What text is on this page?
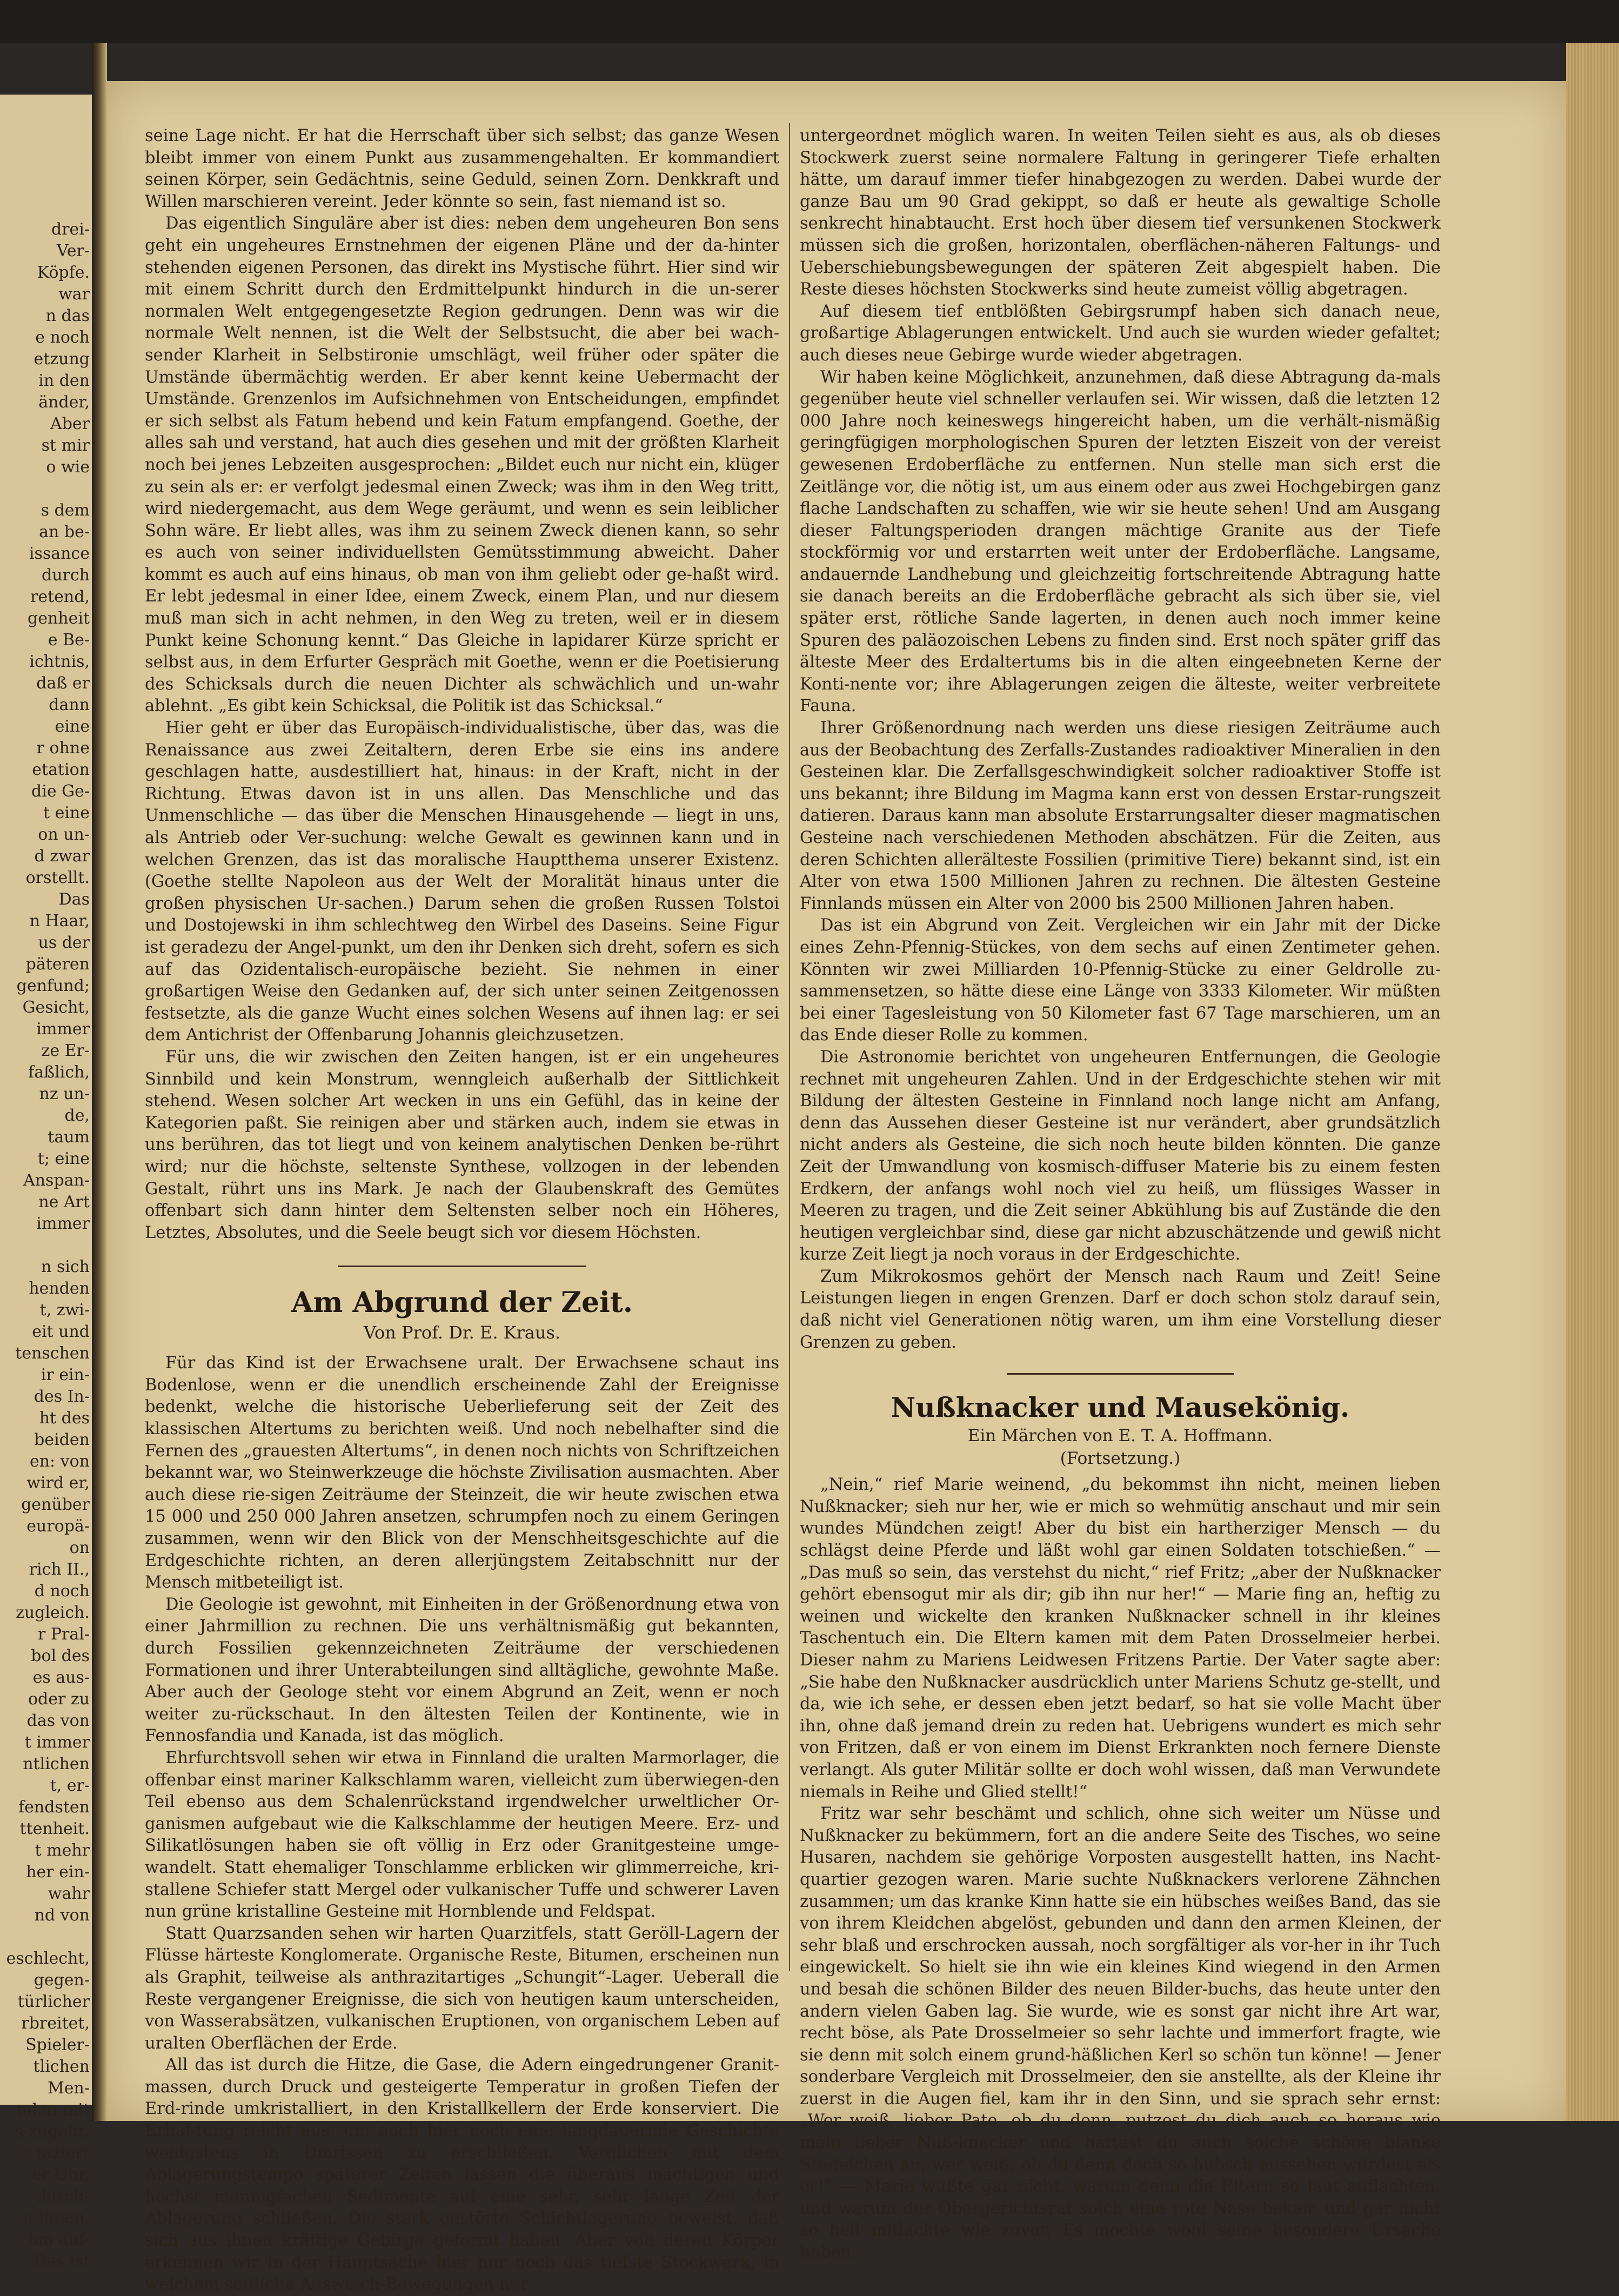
drei-
Ver-
Köpfe.
war
n das
e noch
etzung
in den
änder,
Aber
st mir
o wie
s dem
an be-
issance
durch
retend,
genheit
e Be-
ichtnis,
daß er
dann
eine
r ohne
etation
die Ge-
t eine
on un-
d zwar
orstellt.
Das
n Haar,
us der
päteren
genfund;
Gesicht,
immer
ze Er-
faßlich,
nz un-
de,
taum
t; eine
Anspan-
ne Art
immer
n sich
henden
t, zwi-
eit und
tenschen
ir ein-
des In-
ht des
beiden
en: von
wird er,
genüber
europä-
on
rich II.,
d noch
zugleich.
r Pral-
bol des
es aus-
oder zu
das von
t immer
ntlichen
t, er-
fendsten
ttenheit.
t mehr
her ein-
wahr
nd von
eschlecht,
gegen-
türlicher
rbreitet,
Spieler-
tlichen
Men-
uden mit
s zugeht,
r taziert
er Uhr,
durch-
n ihnen.
hm auf-
Das ist

seine Lage nicht. Er hat die Herrschaft über sich selbst; das ganze Wesen bleibt immer von einem Punkt aus zusammengehalten. Er kommandiert seinen Körper, sein Gedächtnis, seine Geduld, seinen Zorn. Denkkraft und Willen marschieren vereint. Jeder könnte so sein, fast niemand ist so.

Das eigentlich Singuläre aber ist dies: neben dem ungeheuren Bon sens geht ein ungeheures Ernstnehmen der eigenen Pläne und der da-hinter stehenden eigenen Personen, das direkt ins Mystische führt. Hier sind wir mit einem Schritt durch den Erdmittelpunkt hindurch in die un-serer normalen Welt entgegengesetzte Region gedrungen. Denn was wir die normale Welt nennen, ist die Welt der Selbstsucht, die aber bei wach-sender Klarheit in Selbstironie umschlägt, weil früher oder später die Umstände übermächtig werden. Er aber kennt keine Uebermacht der Umstände. Grenzenlos im Aufsichnehmen von Entscheidungen, empfindet er sich selbst als Fatum hebend und kein Fatum empfangend. Goethe, der alles sah und verstand, hat auch dies gesehen und mit der größten Klarheit noch bei jenes Lebzeiten ausgesprochen: „Bildet euch nur nicht ein, klüger zu sein als er: er verfolgt jedesmal einen Zweck; was ihm in den Weg tritt, wird niedergemacht, aus dem Wege geräumt, und wenn es sein leiblicher Sohn wäre. Er liebt alles, was ihm zu seinem Zweck dienen kann, so sehr es auch von seiner individuellsten Gemütsstimmung abweicht. Daher kommt es auch auf eins hinaus, ob man von ihm geliebt oder ge-haßt wird. Er lebt jedesmal in einer Idee, einem Zweck, einem Plan, und nur diesem muß man sich in acht nehmen, in den Weg zu treten, weil er in diesem Punkt keine Schonung kennt.“ Das Gleiche in lapidarer Kürze spricht er selbst aus, in dem Erfurter Gespräch mit Goethe, wenn er die Poetisierung des Schicksals durch die neuen Dichter als schwächlich und un-wahr ablehnt. „Es gibt kein Schicksal, die Politik ist das Schicksal.“

Hier geht er über das Europäisch-individualistische, über das, was die Renaissance aus zwei Zeitaltern, deren Erbe sie eins ins andere geschlagen hatte, ausdestilliert hat, hinaus: in der Kraft, nicht in der Richtung. Etwas davon ist in uns allen. Das Menschliche und das Unmenschliche — das über die Menschen Hinausgehende — liegt in uns, als Antrieb oder Ver-suchung: welche Gewalt es gewinnen kann und in welchen Grenzen, das ist das moralische Hauptthema unserer Existenz. (Goethe stellte Napoleon aus der Welt der Moralität hinaus unter die großen physischen Ur-sachen.) Darum sehen die großen Russen Tolstoi und Dostojewski in ihm schlechtweg den Wirbel des Daseins. Seine Figur ist geradezu der Angel-punkt, um den ihr Denken sich dreht, sofern es sich auf das Ozidentalisch-europäische bezieht. Sie nehmen in einer großartigen Weise den Gedanken auf, der sich unter seinen Zeitgenossen festsetzte, als die ganze Wucht eines solchen Wesens auf ihnen lag: er sei dem Antichrist der Offenbarung Johannis gleichzusetzen.

Für uns, die wir zwischen den Zeiten hangen, ist er ein ungeheures Sinnbild und kein Monstrum, wenngleich außerhalb der Sittlichkeit stehend. Wesen solcher Art wecken in uns ein Gefühl, das in keine der Kategorien paßt. Sie reinigen aber und stärken auch, indem sie etwas in uns berühren, das tot liegt und von keinem analytischen Denken be-rührt wird; nur die höchste, seltenste Synthese, vollzogen in der lebenden Gestalt, rührt uns ins Mark. Je nach der Glaubenskraft des Gemütes offenbart sich dann hinter dem Seltensten selber noch ein Höheres, Letztes, Absolutes, und die Seele beugt sich vor diesem Höchsten.

Am Abgrund der Zeit.
Von Prof. Dr. E. Kraus.

Für das Kind ist der Erwachsene uralt. Der Erwachsene schaut ins Bodenlose, wenn er die unendlich erscheinende Zahl der Ereignisse bedenkt, welche die historische Ueberlieferung seit der Zeit des klassischen Altertums zu berichten weiß. Und noch nebelhafter sind die Fernen des „grauesten Altertums“, in denen noch nichts von Schriftzeichen bekannt war, wo Steinwerkzeuge die höchste Zivilisation ausmachten. Aber auch diese rie-sigen Zeiträume der Steinzeit, die wir heute zwischen etwa 15 000 und 250 000 Jahren ansetzen, schrumpfen noch zu einem Geringen zusammen, wenn wir den Blick von der Menschheitsgeschichte auf die Erdgeschichte richten, an deren allerjüngstem Zeitabschnitt nur der Mensch mitbeteiligt ist.

Die Geologie ist gewohnt, mit Einheiten in der Größenordnung etwa von einer Jahrmillion zu rechnen. Die uns verhältnismäßig gut bekannten, durch Fossilien gekennzeichneten Zeiträume der verschiedenen Formationen und ihrer Unterabteilungen sind alltägliche, gewohnte Maße. Aber auch der Geologe steht vor einem Abgrund an Zeit, wenn er noch weiter zu-rückschaut. In den ältesten Teilen der Kontinente, wie in Fennosfandia und Kanada, ist das möglich.

Ehrfurchtsvoll sehen wir etwa in Finnland die uralten Marmorlager, die offenbar einst mariner Kalkschlamm waren, vielleicht zum überwiegen-den Teil ebenso aus dem Schalenrückstand irgendwelcher urweltlicher Or-ganismen aufgebaut wie die Kalkschlamme der heutigen Meere. Erz- und Silikatlösungen haben sie oft völlig in Erz oder Granitgesteine umge-wandelt. Statt ehemaliger Tonschlamme erblicken wir glimmerreiche, kri-stallene Schiefer statt Mergel oder vulkanischer Tuffe und schwerer Laven nun grüne kristalline Gesteine mit Hornblende und Feldspat.

Statt Quarzsanden sehen wir harten Quarzitfels, statt Geröll-Lagern der Flüsse härteste Konglomerate. Organische Reste, Bitumen, erscheinen nun als Graphit, teilweise als anthrazitartiges „Schungit“-Lager. Ueberall die Reste vergangener Ereignisse, die sich von heutigen kaum unterscheiden, von Wasserabsätzen, vulkanischen Eruptionen, von organischem Leben auf uralten Oberflächen der Erde.

All das ist durch die Hitze, die Gase, die Adern eingedrungener Granit-massen, durch Druck und gesteigerte Temperatur in großen Tiefen der Erd-rinde umkristalliert, in den Kristallkellern der Erde konserviert. Die Erhal-tung reicht aus, um auch hier noch eine langdauernde Geschichte wenigstens in Umrissen zu erschließen. Verglichen mit dem Ablagerungstempo späterer Zeiten lassen die überaus mächtigen und höchst mannigfachen Sedimente auf eine sehr, sehr lange Zeit der Ablagerung schließen. Die stark gestörte Schichtlagerung beweist, daß sich aus ihnen kräftige Gebirge geformt haben. Aber von deren Körper erkennen wir in der Hauptsache hier nur noch das tiefste Stockwerk, in welchem seitliche Ausweich-Bewegungen nur

untergeordnet möglich waren. In weiten Teilen sieht es aus, als ob dieses Stockwerk zuerst seine normalere Faltung in geringerer Tiefe erhalten hätte, um darauf immer tiefer hinabgezogen zu werden. Dabei wurde der ganze Bau um 90 Grad gekippt, so daß er heute als gewaltige Scholle senkrecht hinabtaucht. Erst hoch über diesem tief versunkenen Stockwerk müssen sich die großen, horizontalen, oberflächen-näheren Faltungs- und Ueberschiebungsbewegungen der späteren Zeit abgespielt haben. Die Reste dieses höchsten Stockwerks sind heute zumeist völlig abgetragen.

Auf diesem tief entblößten Gebirgsrumpf haben sich danach neue, großartige Ablagerungen entwickelt. Und auch sie wurden wieder gefaltet; auch dieses neue Gebirge wurde wieder abgetragen.

Wir haben keine Möglichkeit, anzunehmen, daß diese Abtragung da-mals gegenüber heute viel schneller verlaufen sei. Wir wissen, daß die letzten 12 000 Jahre noch keineswegs hingereicht haben, um die verhält-nismäßig geringfügigen morphologischen Spuren der letzten Eiszeit von der vereist gewesenen Erdoberfläche zu entfernen. Nun stelle man sich erst die Zeitlänge vor, die nötig ist, um aus einem oder aus zwei Hochgebirgen ganz flache Landschaften zu schaffen, wie wir sie heute sehen! Und am Ausgang dieser Faltungsperioden drangen mächtige Granite aus der Tiefe stockförmig vor und erstarrten weit unter der Erdoberfläche. Langsame, andauernde Landhebung und gleichzeitig fortschreitende Abtragung hatte sie danach bereits an die Erdoberfläche gebracht als sich über sie, viel später erst, rötliche Sande lagerten, in denen auch noch immer keine Spuren des paläozoischen Lebens zu finden sind. Erst noch später griff das älteste Meer des Erdaltertums bis in die alten eingeebneten Kerne der Konti-nente vor; ihre Ablagerungen zeigen die älteste, weiter verbreitete Fauna.

Ihrer Größenordnung nach werden uns diese riesigen Zeiträume auch aus der Beobachtung des Zerfalls-Zustandes radioaktiver Mineralien in den Gesteinen klar. Die Zerfallsgeschwindigkeit solcher radioaktiver Stoffe ist uns bekannt; ihre Bildung im Magma kann erst von dessen Erstar-rungszeit datieren. Daraus kann man absolute Erstarrungsalter dieser magmatischen Gesteine nach verschiedenen Methoden abschätzen. Für die Zeiten, aus deren Schichten allerälteste Fossilien (primitive Tiere) bekannt sind, ist ein Alter von etwa 1500 Millionen Jahren zu rechnen. Die ältesten Gesteine Finnlands müssen ein Alter von 2000 bis 2500 Millionen Jahren haben.

Das ist ein Abgrund von Zeit. Vergleichen wir ein Jahr mit der Dicke eines Zehn-Pfennig-Stückes, von dem sechs auf einen Zentimeter gehen. Könnten wir zwei Milliarden 10-Pfennig-Stücke zu einer Geldrolle zu-sammensetzen, so hätte diese eine Länge von 3333 Kilometer. Wir müßten bei einer Tagesleistung von 50 Kilometer fast 67 Tage marschieren, um an das Ende dieser Rolle zu kommen.

Die Astronomie berichtet von ungeheuren Entfernungen, die Geologie rechnet mit ungeheuren Zahlen. Und in der Erdgeschichte stehen wir mit Bildung der ältesten Gesteine in Finnland noch lange nicht am Anfang, denn das Aussehen dieser Gesteine ist nur verändert, aber grundsätzlich nicht anders als Gesteine, die sich noch heute bilden könnten. Die ganze Zeit der Umwandlung von kosmisch-diffuser Materie bis zu einem festen Erdkern, der anfangs wohl noch viel zu heiß, um flüssiges Wasser in Meeren zu tragen, und die Zeit seiner Abkühlung bis auf Zustände die den heutigen vergleichbar sind, diese gar nicht abzuschätzende und gewiß nicht kurze Zeit liegt ja noch voraus in der Erdgeschichte.

Zum Mikrokosmos gehört der Mensch nach Raum und Zeit! Seine Leistungen liegen in engen Grenzen. Darf er doch schon stolz darauf sein, daß nicht viel Generationen nötig waren, um ihm eine Vorstellung dieser Grenzen zu geben.

Nußknacker und Mausekönig.
Ein Märchen von E. T. A. Hoffmann.
(Fortsetzung.)

„Nein,“ rief Marie weinend, „du bekommst ihn nicht, meinen lieben Nußknacker; sieh nur her, wie er mich so wehmütig anschaut und mir sein wundes Mündchen zeigt! Aber du bist ein hartherziger Mensch — du schlägst deine Pferde und läßt wohl gar einen Soldaten totschießen.“ — „Das muß so sein, das verstehst du nicht,“ rief Fritz; „aber der Nußknacker gehört ebensogut mir als dir; gib ihn nur her!“ — Marie fing an, heftig zu weinen und wickelte den kranken Nußknacker schnell in ihr kleines Taschentuch ein. Die Eltern kamen mit dem Paten Drosselmeier herbei. Dieser nahm zu Mariens Leidwesen Fritzens Partie. Der Vater sagte aber: „Sie habe den Nußknacker ausdrücklich unter Mariens Schutz ge-stellt, und da, wie ich sehe, er dessen eben jetzt bedarf, so hat sie volle Macht über ihn, ohne daß jemand drein zu reden hat. Uebrigens wundert es mich sehr von Fritzen, daß er von einem im Dienst Erkrankten noch fernere Dienste verlangt. Als guter Militär sollte er doch wohl wissen, daß man Verwundete niemals in Reihe und Glied stellt!“

Fritz war sehr beschämt und schlich, ohne sich weiter um Nüsse und Nußknacker zu bekümmern, fort an die andere Seite des Tisches, wo seine Husaren, nachdem sie gehörige Vorposten ausgestellt hatten, ins Nacht-quartier gezogen waren. Marie suchte Nußknackers verlorene Zähnchen zusammen; um das kranke Kinn hatte sie ein hübsches weißes Band, das sie von ihrem Kleidchen abgelöst, gebunden und dann den armen Kleinen, der sehr blaß und erschrocken aussah, noch sorgfältiger als vor-her in ihr Tuch eingewickelt. So hielt sie ihn wie ein kleines Kind wiegend in den Armen und besah die schönen Bilder des neuen Bilder-buchs, das heute unter den andern vielen Gaben lag. Sie wurde, wie es sonst gar nicht ihre Art war, recht böse, als Pate Drosselmeier so sehr lachte und immerfort fragte, wie sie denn mit solch einem grund-häßlichen Kerl so schön tun könne! — Jener sonderbare Vergleich mit Drosselmeier, den sie anstellte, als der Kleine ihr zuerst in die Augen fiel, kam ihr in den Sinn, und sie sprach sehr ernst: „Wer weiß, lieber Pate, ob du denn, putzest du dich auch so heraus wie mein lieber Nuß-knacker und hättest du auch solche schöne blanke Stiefelchen an, wer weiß, ob du denn doch so hübsch aussehen würdest als er!“ — Marie wußte gar nicht, warum denn die Eltern so laut auflachten, und warum der Obergerichtsrat solch eine rote Nase bekam und gar nicht so hell mitlachte wie zuvor. Es mochte wohl seine besondere Ursache haben.
